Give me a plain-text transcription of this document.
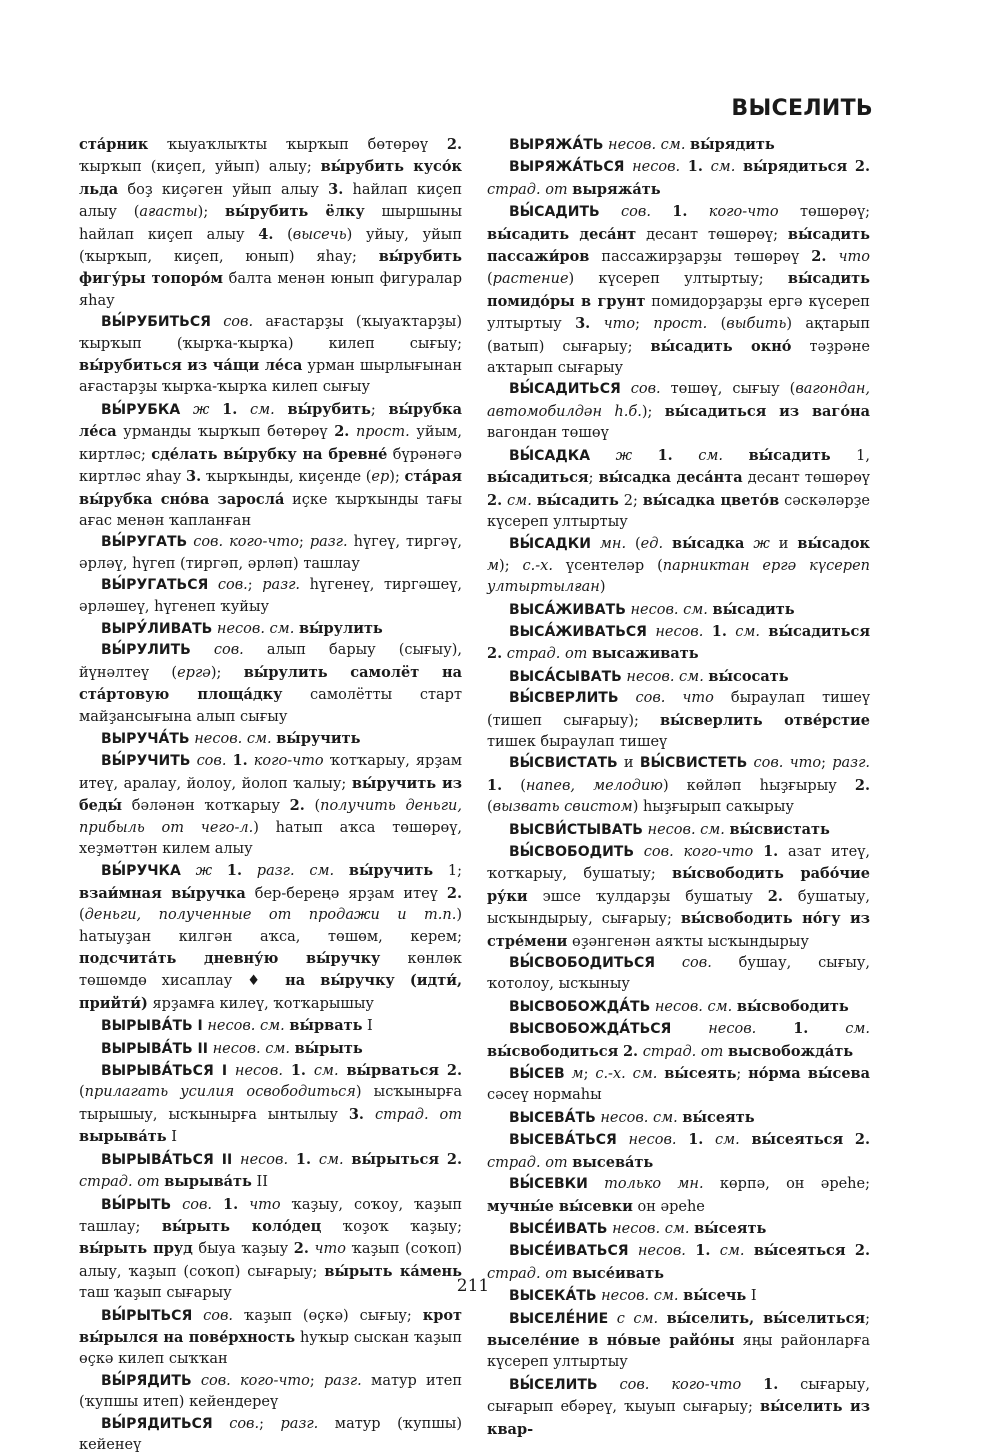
ВЫСЕЛИТЬ

ста́рник ҡыуаҡлыҡты ҡырҡып бөтөрөү 2. ҡырҡып (киҫеп, уйып) алыу; вы́рубить кусо́к льда боҙ киҫәген уйып алыу 3. һайлап киҫеп алыу (ағасты); вы́рубить ёлку шыршыны һайлап киҫеп алыу 4. (высечь) уйыу, уйып (ҡырҡып, киҫеп, юнып) яһау; вы́рубить фигу́ры топоро́м балта менән юнып фигуралар яһау

ВЫ́РУБИТЬСЯ сов. ағастарҙы (ҡыуаҡтарҙы) ҡырҡып (ҡырҡа-ҡырҡа) килеп сығыу; вы́рубиться из ча́щи ле́са урман шырлығынан ағастарҙы ҡырҡа-ҡырҡа килеп сығыу

ВЫ́РУБКА ж 1. см. вы́рубить; вы́рубка ле́са урманды ҡырҡып бөтөрөү 2. прост. уйым, киртләс; сде́лать вы́рубку на бревне́ бүрәнәгә киртләс яһау 3. ҡырҡынды, киҫенде (ер); ста́рая вы́рубка сно́ва заросла́ иҫке ҡырҡынды тағы ағас менән ҡапланған

ВЫ́РУГАТЬ сов. кого-что; разг. һүгеү, тиргәү, әрләү, һүгеп (тиргәп, әрләп) ташлау

ВЫ́РУГАТЬСЯ сов.; разг. һүгенеү, тиргәшеү, әрләшеү, һүгенеп ҡуйыу

ВЫРУ́ЛИВАТЬ несов. см. вы́рулить

ВЫ́РУЛИТЬ сов. алып барыу (сығыу), йүнәлтеү (ергә); вы́рулить самолёт на ста́ртовую площа́дку самолётты старт майҙансығына алып сығыу

ВЫРУЧА́ТЬ несов. см. вы́ручить

ВЫ́РУЧИТЬ сов. 1. кого-что ҡотҡарыу, ярҙам итеү, аралау, йолоу, йолоп ҡалыу; вы́ручить из беды́ бәләнән ҡотҡарыу 2. (получить деньги, прибыль от чего-л.) һатып аҡса төшөрөү, хеҙмәттән килем алыу

ВЫ́РУЧКА ж 1. разг. см. вы́ручить 1; взаи́мная вы́ручка бер-береңә ярҙам итеү 2. (деньги, полученные от продажи и т.п.) һатыуҙан килгән аҡса, төшөм, керем; подсчита́ть дневну́ю вы́ручку көнлөк төшөмдө хисаплау ♦ на вы́ручку (идти́, прийти́) ярҙамға килеү, ҡотҡарышыу

ВЫРЫВА́ТЬ I несов. см. вы́рвать I

ВЫРЫВА́ТЬ II несов. см. вы́рыть

ВЫРЫВА́ТЬСЯ I несов. 1. см. вы́рваться 2. (прилагать усилия освободиться) ысҡынырға тырышыу, ысҡынырға ынтылыу 3. страд. от вырыва́ть I

ВЫРЫВА́ТЬСЯ II несов. 1. см. вы́рыться 2. страд. от вырыва́ть II

ВЫ́РЫТЬ сов. 1. что ҡаҙыу, соҡоу, ҡаҙып ташлау; вы́рыть коло́дец ҡоҙоҡ ҡаҙыу; вы́рыть пруд быуа ҡаҙыу 2. что ҡаҙып (соҡоп) алыу, ҡаҙып (соҡоп) сығарыу; вы́рыть ка́мень таш ҡаҙып сығарыу

ВЫ́РЫТЬСЯ сов. ҡаҙып (өҫкә) сығыу; крот вы́рылся на пове́рхность һуҡыр сыскан ҡаҙып өҫкә килеп сыҡҡан

ВЫ́РЯДИТЬ сов. кого-что; разг. матур итеп (ҡупшы итеп) кейендереү

ВЫ́РЯДИТЬСЯ сов.; разг. матур (ҡупшы) кейенеү

ВЫРЯЖА́ТЬ несов. см. вы́рядить

ВЫРЯЖА́ТЬСЯ несов. 1. см. вы́рядиться 2. страд. от выряжа́ть

ВЫ́САДИТЬ сов. 1. кого-что төшөрөү; вы́садить деса́нт десант төшөрөү; вы́садить пассажи́ров пассажирҙарҙы төшөрөү 2. что (растение) күсереп ултыртыу; вы́садить помидо́ры в грунт помидорҙарҙы ергә күсереп ултыртыу 3. что; прост. (выбить) ақтарып (ватып) сығарыу; вы́садить окно́ тәҙрәне аҡтарып сығарыу

ВЫ́САДИТЬСЯ сов. төшөү, сығыу (вагондан, автомобилдән һ.б.); вы́садиться из ваго́на вагондан төшөү

ВЫ́САДКА ж 1. см. вы́садить 1, вы́садиться; вы́садка деса́нта десант төшөрөү 2. см. вы́садить 2; вы́садка цвето́в сәскәләрҙе күсереп ултыртыу

ВЫ́САДКИ мн. (ед. вы́садка ж и вы́садок м); с.-х. үсентеләр (парниктан ергә күсереп ултыртылған)

ВЫСА́ЖИВАТЬ несов. см. вы́садить

ВЫСА́ЖИВАТЬСЯ несов. 1. см. вы́садиться 2. страд. от высаживать

ВЫСА́СЫВАТЬ несов. см. вы́сосать

ВЫ́СВЕРЛИТЬ сов. что быраулап тишеү (тишеп сығарыу); вы́сверлить отве́рстие тишек быраулап тишеү

ВЫ́СВИСТАТЬ и ВЫ́СВИСТЕТЬ сов. что; разг. 1. (напев, мелодию) көйләп һыҙғырыу 2. (вызвать свистом) һыҙғырып саҡырыу

ВЫСВИ́СТЫВАТЬ несов. см. вы́свистать

ВЫ́СВОБОДИТЬ сов. кого-что 1. азат итеү, ҡотҡарыу, бушатыу; вы́свободить рабо́чие ру́ки эшсе ҡулдарҙы бушатыу 2. бушатыу, ысҡындырыу, сығарыу; вы́свободить но́гу из стре́мени өҙәнгенән аяҡты ысҡындырыу

ВЫ́СВОБОДИТЬСЯ сов. бушау, сығыу, ҡотолоу, ысҡыныу

ВЫСВОБОЖДА́ТЬ несов. см. вы́свободить

ВЫСВОБОЖДА́ТЬСЯ	несов.	1.	см. вы́свободиться 2. страд. от высвобожда́ть

ВЫ́СЕВ м; с.-х. см. вы́сеять; но́рма вы́сева сәсеү нормаһы

ВЫСЕВА́ТЬ несов. см. вы́сеять

ВЫСЕВА́ТЬСЯ несов. 1. см. вы́сеяться 2. страд. от высева́ть

ВЫ́СЕВКИ только мн. көрпә, он әреһе; мучны́е вы́севки он әреһе

ВЫСЕ́ИВАТЬ несов. см. вы́сеять

ВЫСЕ́ИВАТЬСЯ несов. 1. см. вы́сеяться 2. страд. от высе́ивать

ВЫСЕКА́ТЬ несов. см. вы́сечь I

ВЫСЕЛЕ́НИЕ с см. вы́селить, вы́селиться; выселе́ние в но́вые райо́ны яңы районларға күсереп ултыртыу

ВЫ́СЕЛИТЬ сов. кого-что 1. сығарыу, сығарып ебәреү, ҡыуып сығарыу; вы́селить из квар-

211
